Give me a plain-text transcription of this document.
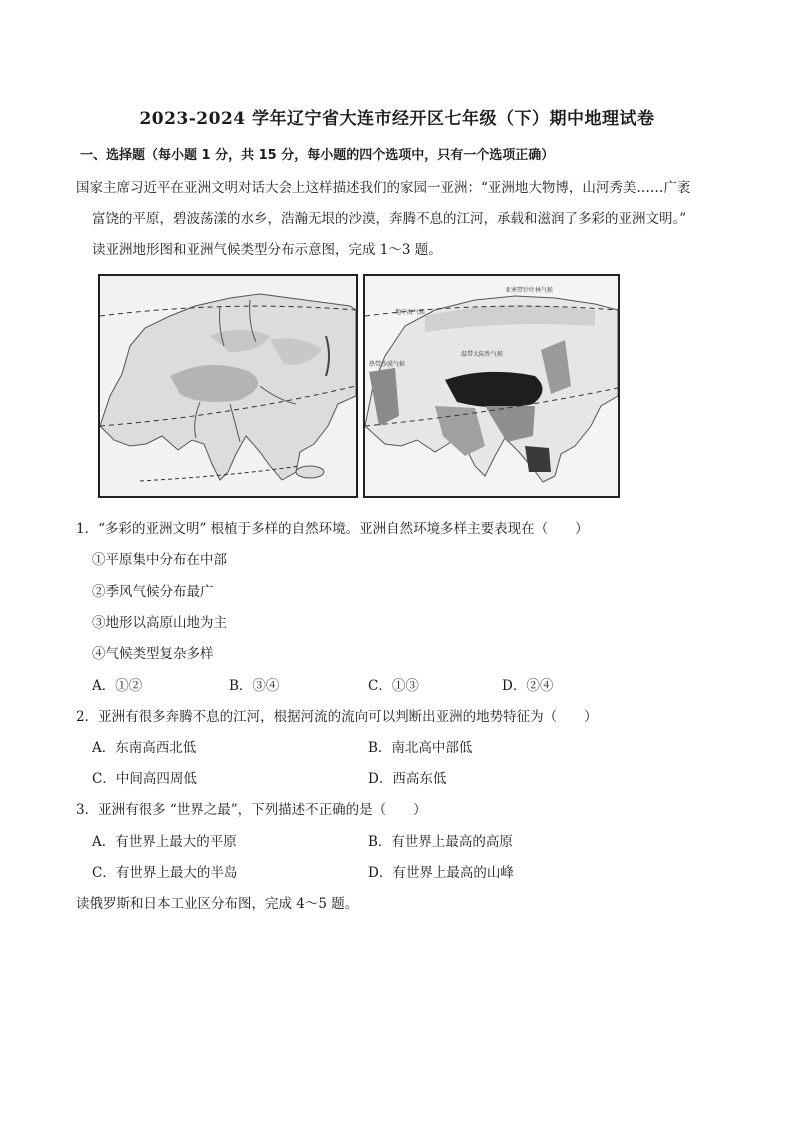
2023-2024 学年辽宁省大连市经开区七年级（下）期中地理试卷
一、选择题（每小题 1 分，共 15 分，每小题的四个选项中，只有一个选项正确）
国家主席习近平在亚洲文明对话大会上这样描述我们的家园一亚洲：“亚洲地大物博，山河秀美……广袤
富饶的平原，碧波荡漾的水乡，浩瀚无垠的沙漠，奔腾不息的江河，承载和滋润了多彩的亚洲文明。”
读亚洲地形图和亚洲气候类型分布示意图，完成 1～3 题。
温带大陆性气候
地中海气候
亚寒带针叶林气候
热带沙漠气候
1．“多彩的亚洲文明” 根植于多样的自然环境。亚洲自然环境多样主要表现在（　　）
①平原集中分布在中部
②季风气候分布最广
③地形以高原山地为主
④气候类型复杂多样
A．①②	B．③④	C．①③	D．②④
2．亚洲有很多奔腾不息的江河，根据河流的流向可以判断出亚洲的地势特征为（　　）
A．东南高西北低	B．南北高中部低
C．中间高四周低	D．西高东低
3．亚洲有很多 “世界之最”，下列描述不正确的是（　　）
A．有世界上最大的平原	B．有世界上最高的高原
C．有世界上最大的半岛	D．有世界上最高的山峰
读俄罗斯和日本工业区分布图，完成 4～5 题。
